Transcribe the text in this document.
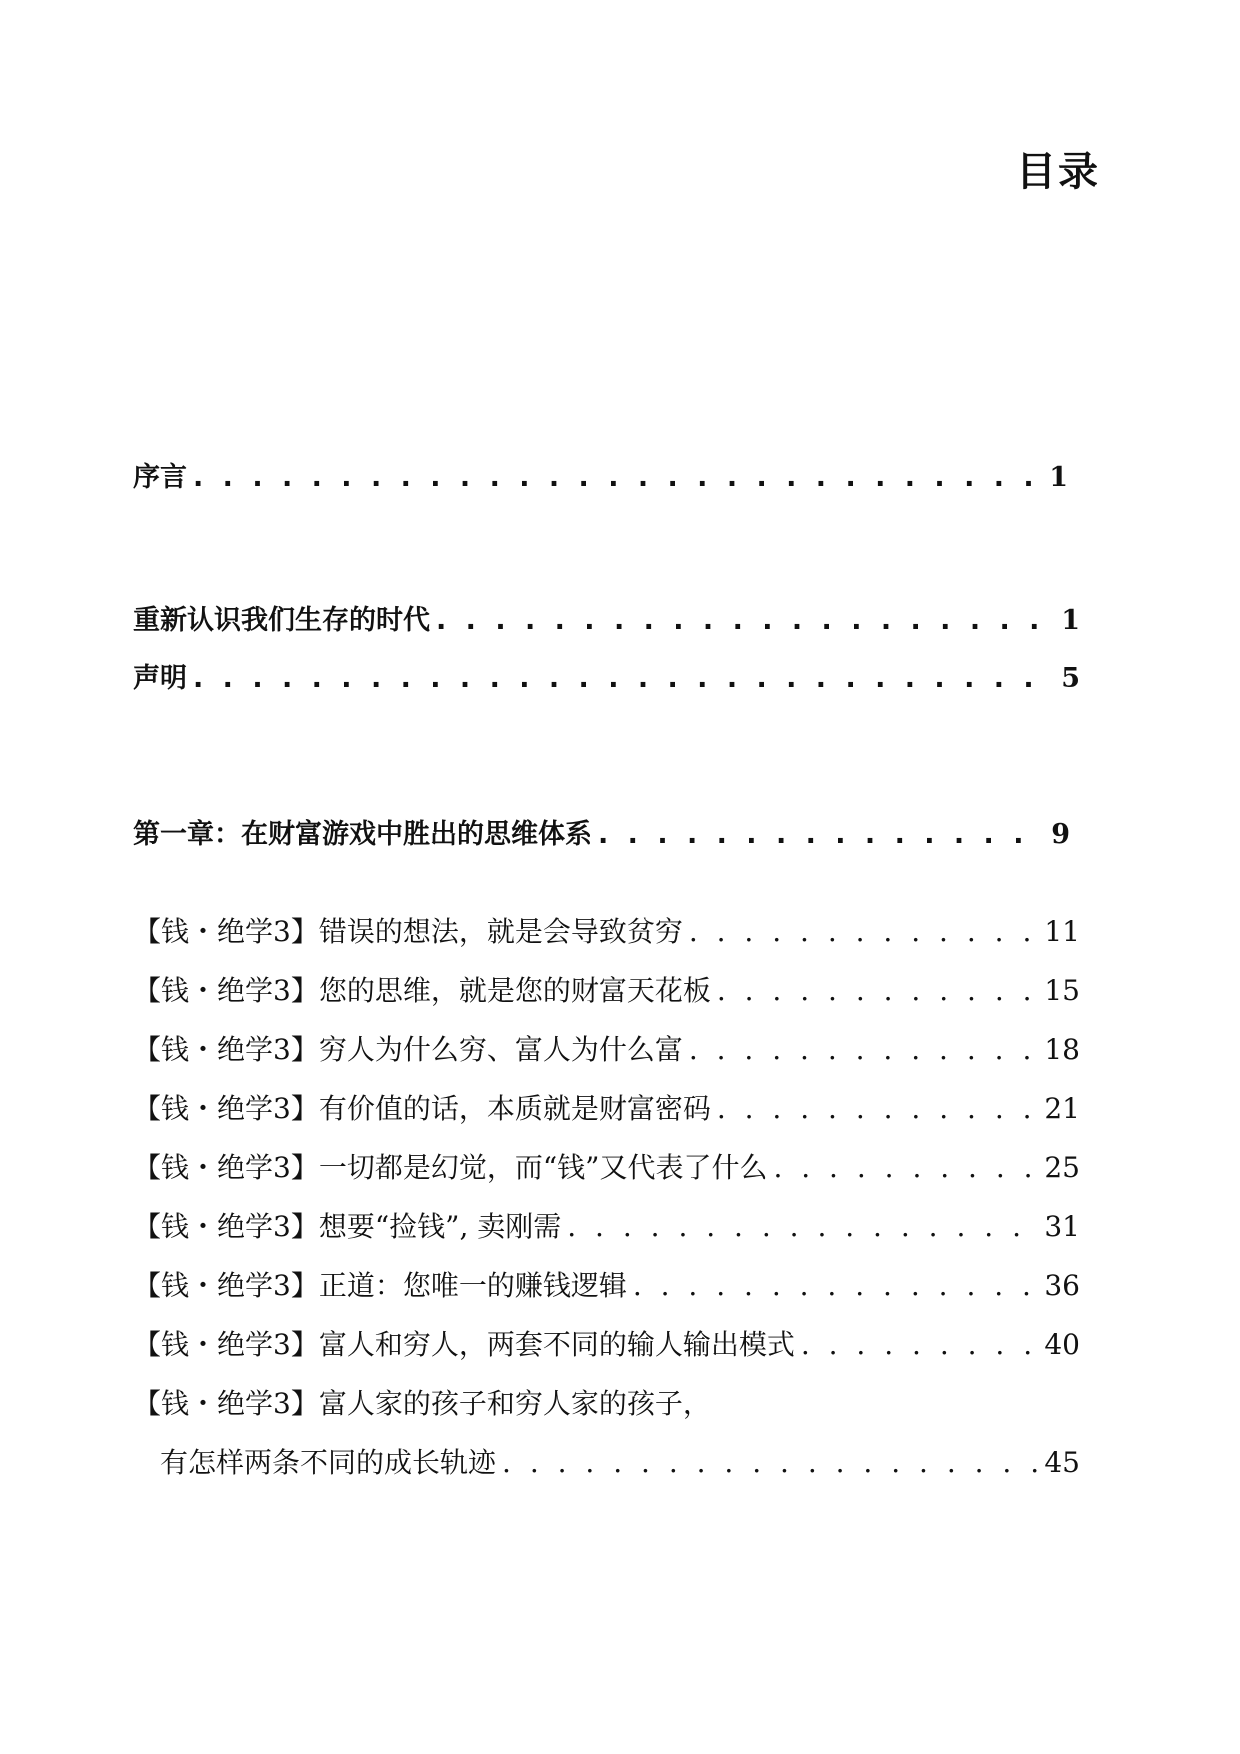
目录
序言 . . .	1
重新认识我们生存的时代 . . .	1
声明 . . .	5
第一章：在财富游戏中胜出的思维体系 . . .	9
【钱・绝学3】错误的想法，就是会导致贫穷 . . .	11
【钱・绝学3】您的思维，就是您的财富天花板 . . .	15
【钱・绝学3】穷人为什么穷、富人为什么富 . . .	18
【钱・绝学3】有价值的话，本质就是财富密码 . . .	21
【钱・绝学3】一切都是幻觉，而“钱”又代表了什么 . . .	25
【钱・绝学3】想要“捡钱”, 卖刚需 . . .	31
【钱・绝学3】正道：您唯一的赚钱逻辑 . . .	36
【钱・绝学3】富人和穷人，两套不同的输人输出模式 . . .	40
【钱・绝学3】富人家的孩子和穷人家的孩子，
有怎样两条不同的成长轨迹 . . .	45
